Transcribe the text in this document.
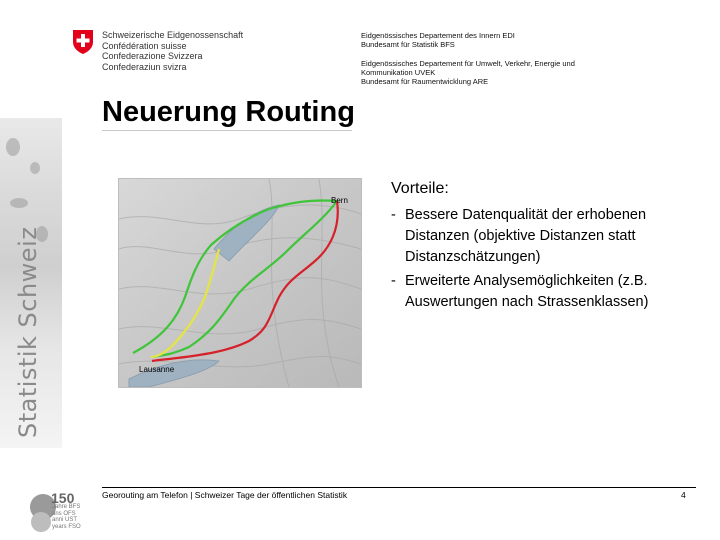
Statistik Schweiz
Schweizerische Eidgenossenschaft
Confédération suisse
Confederazione Svizzera
Confederaziun svizra
Eidgenössisches Departement des Innern EDI
Bundesamt für Statistik BFS
Eidgenössisches Departement für Umwelt, Verkehr, Energie und
Kommunikation UVEK
Bundesamt für Raumentwicklung ARE
Neuerung Routing
Bern
Lausanne
Vorteile:
- Bessere Datenqualität der erhobenen
Distanzen (objektive Distanzen statt
Distanzschätzungen)
- Erweiterte Analysemöglichkeiten (z.B.
Auswertungen nach Strassenklassen)
150
Jahre BFS
ans OFS
anni UST
years FSO
Georouting am Telefon | Schweizer Tage der öffentlichen Statistik	4
